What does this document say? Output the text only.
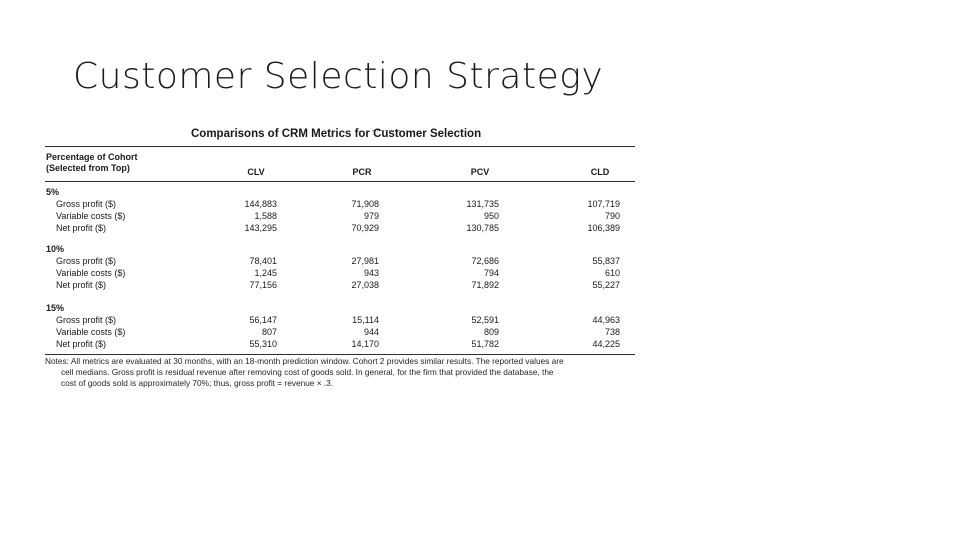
Customer Selection Strategy
Comparisons of CRM Metrics for Customer Selection
Percentage of Cohort
(Selected from Top)	CLV	PCR	PCV	CLD
5%
Gross profit ($)	144,883	71,908	131,735	107,719
Variable costs ($)	1,588	979	950	790
Net profit ($)	143,295	70,929	130,785	106,389
10%
Gross profit ($)	78,401	27,981	72,686	55,837
Variable costs ($)	1,245	943	794	610
Net profit ($)	77,156	27,038	71,892	55,227
15%
Gross profit ($)	56,147	15,114	52,591	44,963
Variable costs ($)	807	944	809	738
Net profit ($)	55,310	14,170	51,782	44,225
Notes: All metrics are evaluated at 30 months, with an 18-month prediction window. Cohort 2 provides similar results. The reported values are
cell medians. Gross profit is residual revenue after removing cost of goods sold. In general, for the firm that provided the database, the
cost of goods sold is approximately 70%; thus, gross profit = revenue × .3.
